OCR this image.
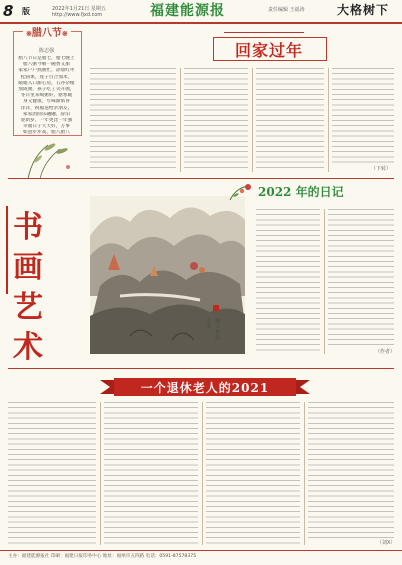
8 版	2022年1月21日 星期五
http://www.fjxd.com	福建能源报	责任编辑 王福涛	大格树下
※腊八节※
陈志强
腊八节日是腊七，腊七晚上
腊八粥今朝一碗香又甜
家家户户熬粥忙，添加红枣
桂圆果，莲子百合加米，
暖暖入口甜心房，五谷杂粮
熬成粥，孩子吃了笑开颜，
冬日里来喝粥好，驱寒暖
身又健康，年味渐浓喜
洋洋，祝福送给亲朋友，
家家团圆乐融融，辞旧
迎新岁，一年更比一年强
幸福日子天天好，万事
如意步步高，腊八腊八
回家过年
（下转）
书画艺术
山水 柯王 作品
2022 年的日记
（作者）
一个退休老人的2021
（刘X）
主办：福建能源报社 印刷：福建日报印务中心 地址：福州市五四路 电话：0591-87578375
